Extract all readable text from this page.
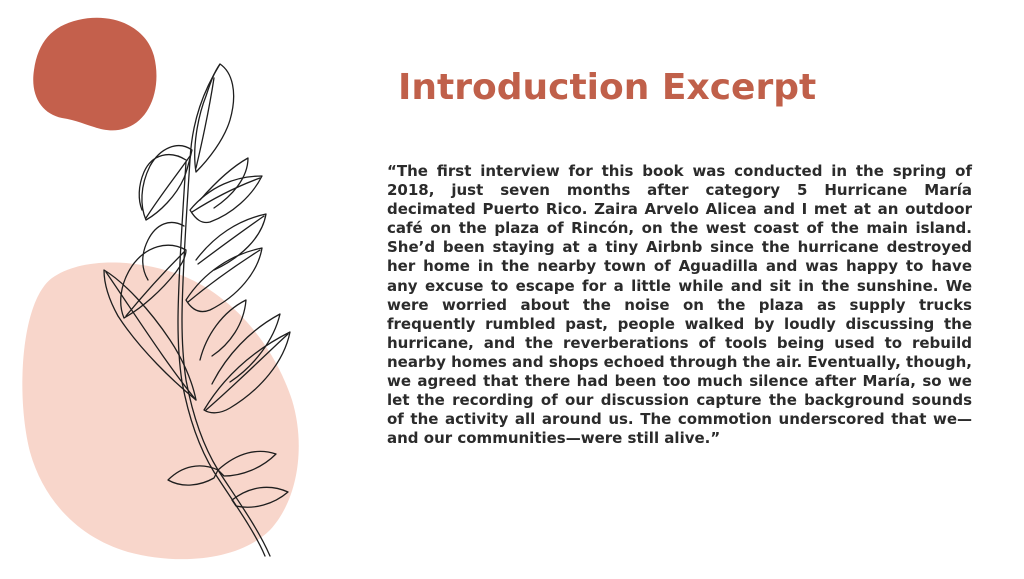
Introduction Excerpt

“The first interview for this book was conducted in the spring of 2018, just seven months after category 5 Hurricane María decimated Puerto Rico. Zaira Arvelo Alicea and I met at an outdoor café on the plaza of Rincón, on the west coast of the main island. She’d been staying at a tiny Airbnb since the hurricane destroyed her home in the nearby town of Aguadilla and was happy to have any excuse to escape for a little while and sit in the sunshine. We were worried about the noise on the plaza as supply trucks frequently rumbled past, people walked by loudly discussing the hurricane, and the reverberations of tools being used to rebuild nearby homes and shops echoed through the air. Eventually, though, we agreed that there had been too much silence after María, so we let the recording of our discussion capture the background sounds of the activity all around us. The commotion underscored that we—and our communities—were still alive.”
